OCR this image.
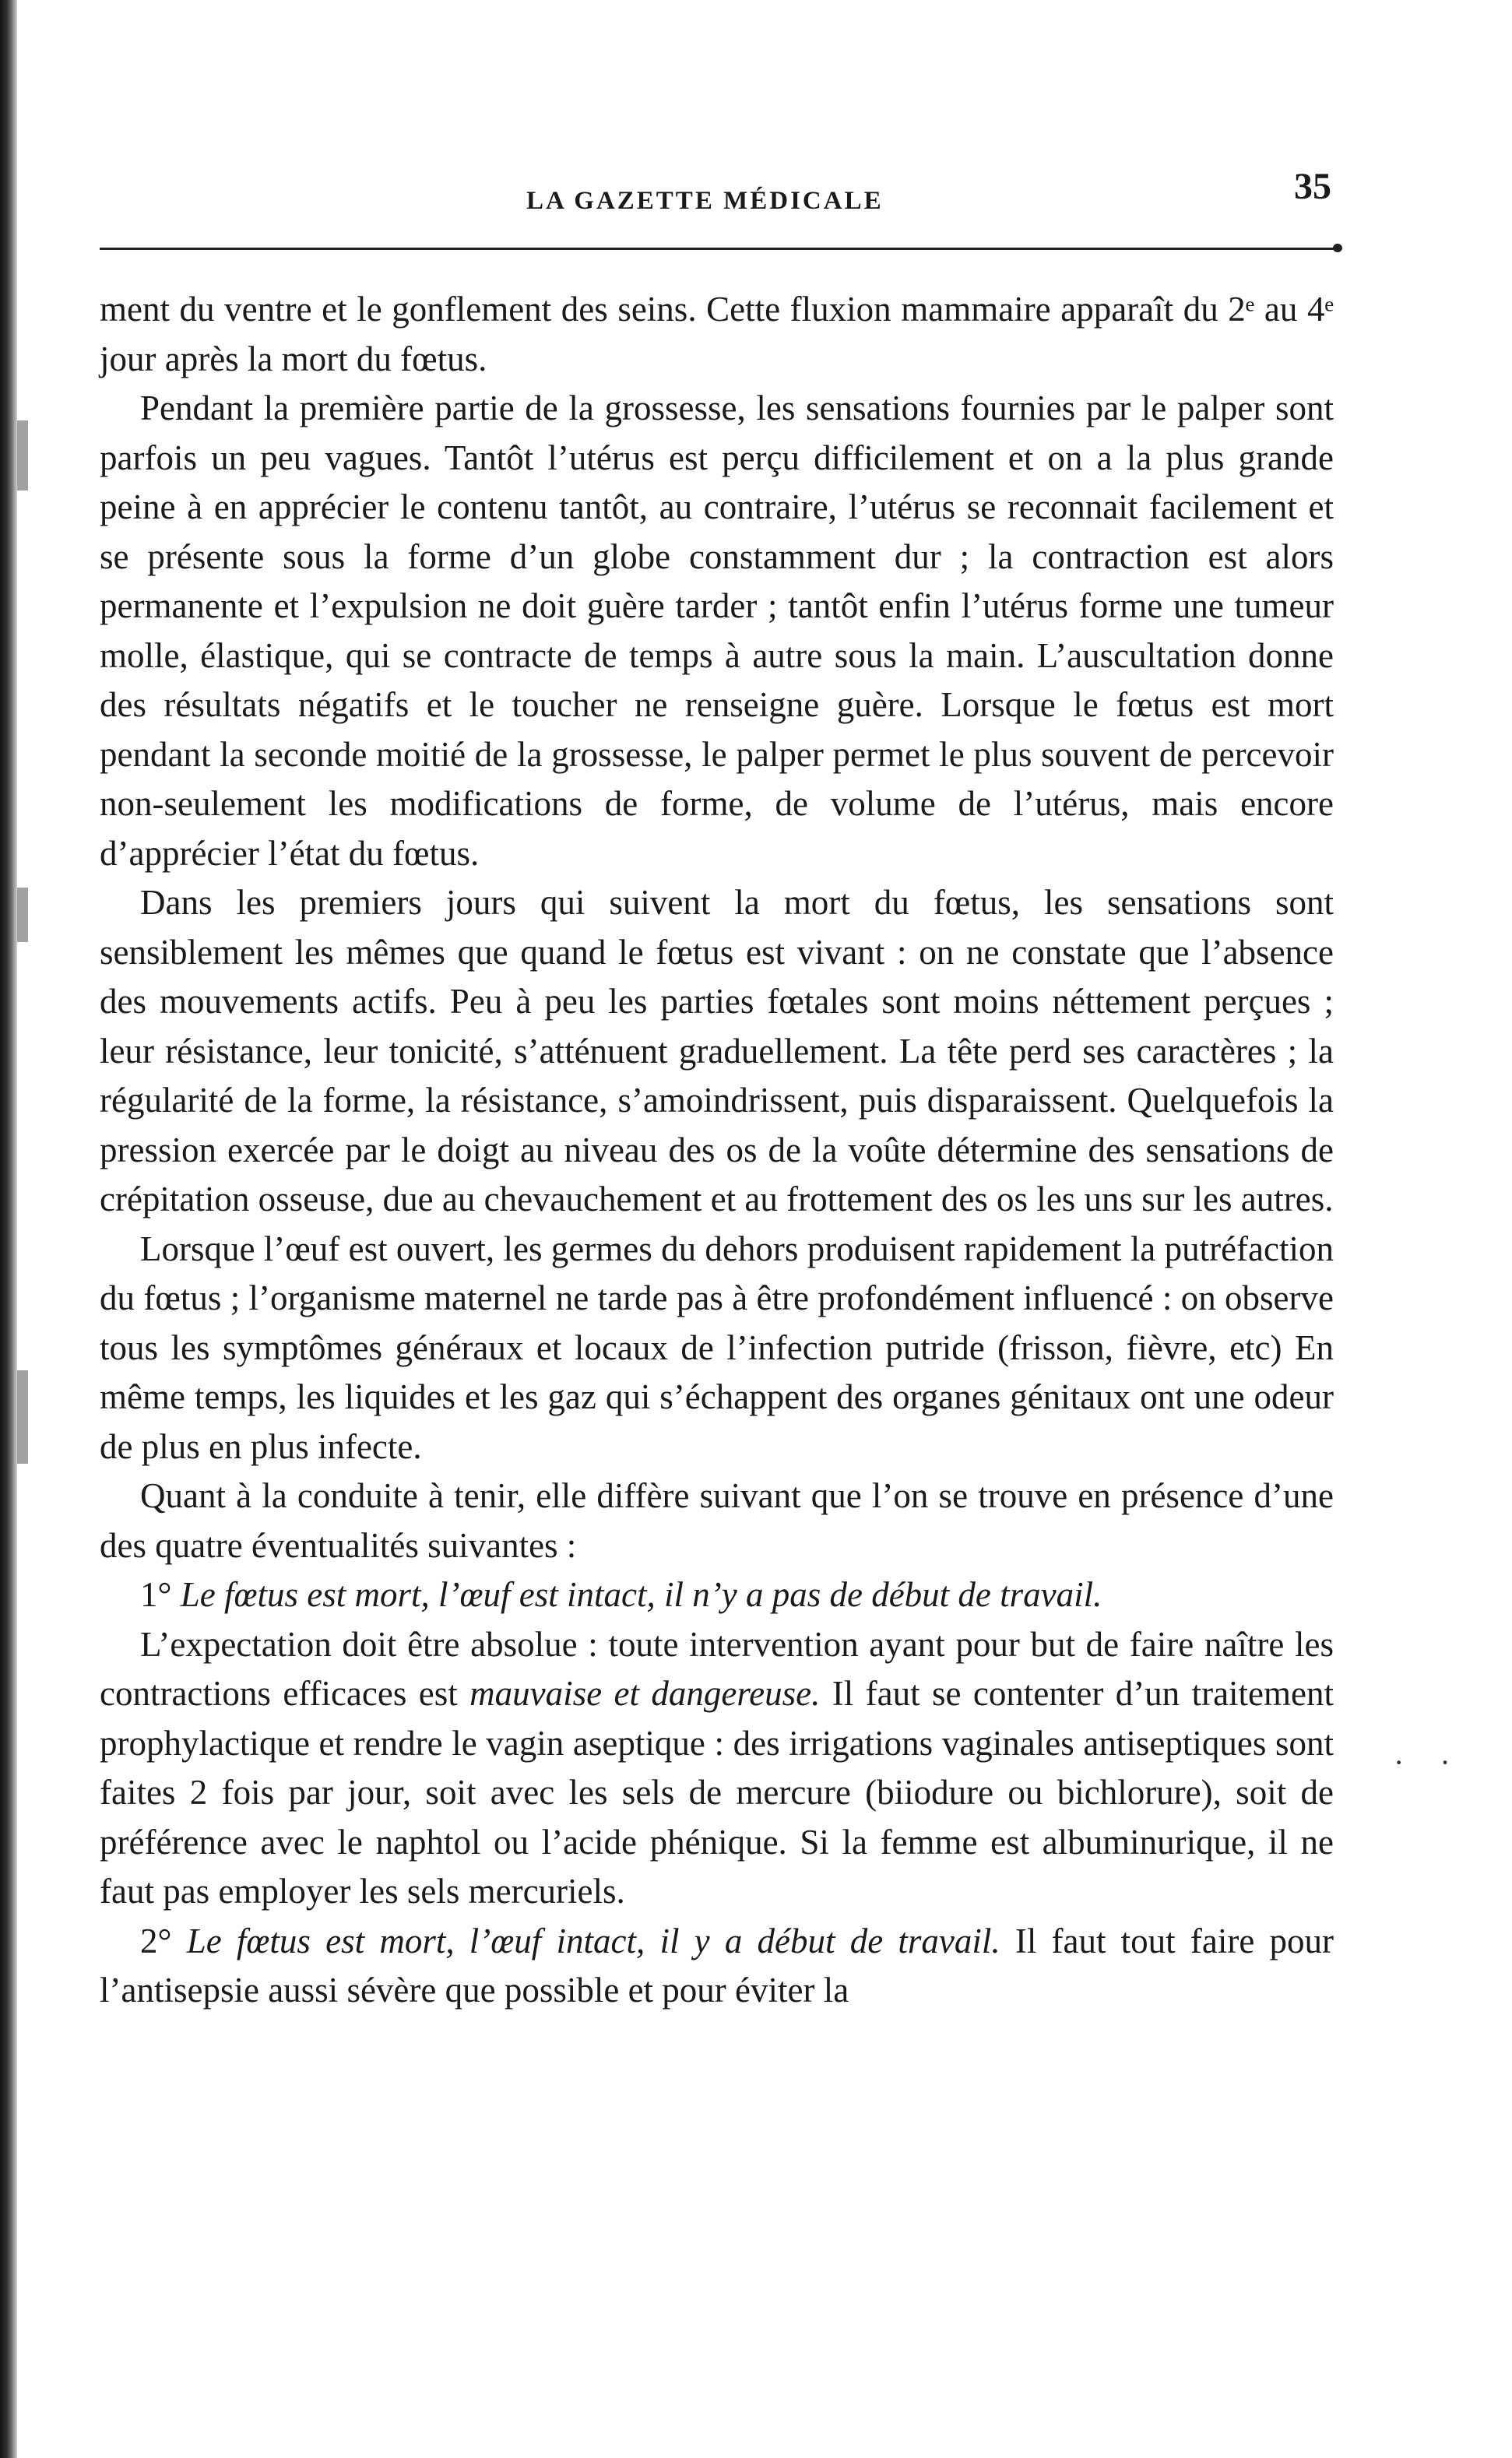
LA GAZETTE MÉDICALE	35

ment du ventre et le gonflement des seins. Cette fluxion mammaire apparaît du 2ᵉ au 4ᵉ jour après la mort du fœtus.

Pendant la première partie de la grossesse, les sensations fournies par le palper sont parfois un peu vagues. Tantôt l’utérus est perçu difficilement et on a la plus grande peine à en apprécier le contenu tantôt, au contraire, l’utérus se reconnait facilement et se présente sous la forme d’un globe constamment dur ; la contraction est alors permanente et l’expulsion ne doit guère tarder ; tantôt enfin l’utérus forme une tumeur molle, élastique, qui se contracte de temps à autre sous la main. L’auscultation donne des résultats négatifs et le toucher ne renseigne guère. Lorsque le fœtus est mort pendant la seconde moitié de la grossesse, le palper permet le plus souvent de percevoir non-seulement les modifications de forme, de volume de l’utérus, mais encore d’apprécier l’état du fœtus.

Dans les premiers jours qui suivent la mort du fœtus, les sensations sont sensiblement les mêmes que quand le fœtus est vivant : on ne constate que l’absence des mouvements actifs. Peu à peu les parties fœtales sont moins néttement perçues ; leur résistance, leur tonicité, s’atténuent graduellement. La tête perd ses caractères ; la régularité de la forme, la résistance, s’amoindrissent, puis disparaissent. Quelquefois la pression exercée par le doigt au niveau des os de la voûte détermine des sensations de crépitation osseuse, due au chevauchement et au frottement des os les uns sur les autres.

Lorsque l’œuf est ouvert, les germes du dehors produisent rapidement la putréfaction du fœtus ; l’organisme maternel ne tarde pas à être profondément influencé : on observe tous les symptômes généraux et locaux de l’infection putride (frisson, fièvre, etc) En même temps, les liquides et les gaz qui s’échappent des organes génitaux ont une odeur de plus en plus infecte.

Quant à la conduite à tenir, elle diffère suivant que l’on se trouve en présence d’une des quatre éventualités suivantes :

1° Le fœtus est mort, l’œuf est intact, il n’y a pas de début de travail.

L’expectation doit être absolue : toute intervention ayant pour but de faire naître les contractions efficaces est mauvaise et dangereuse. Il faut se contenter d’un traitement prophylactique et rendre le vagin aseptique : des irrigations vaginales antiseptiques sont faites 2 fois par jour, soit avec les sels de mercure (biiodure ou bichlorure), soit de préférence avec le naphtol ou l’acide phénique. Si la femme est albuminurique, il ne faut pas employer les sels mercuriels.

2° Le fœtus est mort, l’œuf intact, il y a début de travail. Il faut tout faire pour l’antisepsie aussi sévère que possible et pour éviter la

· ·
